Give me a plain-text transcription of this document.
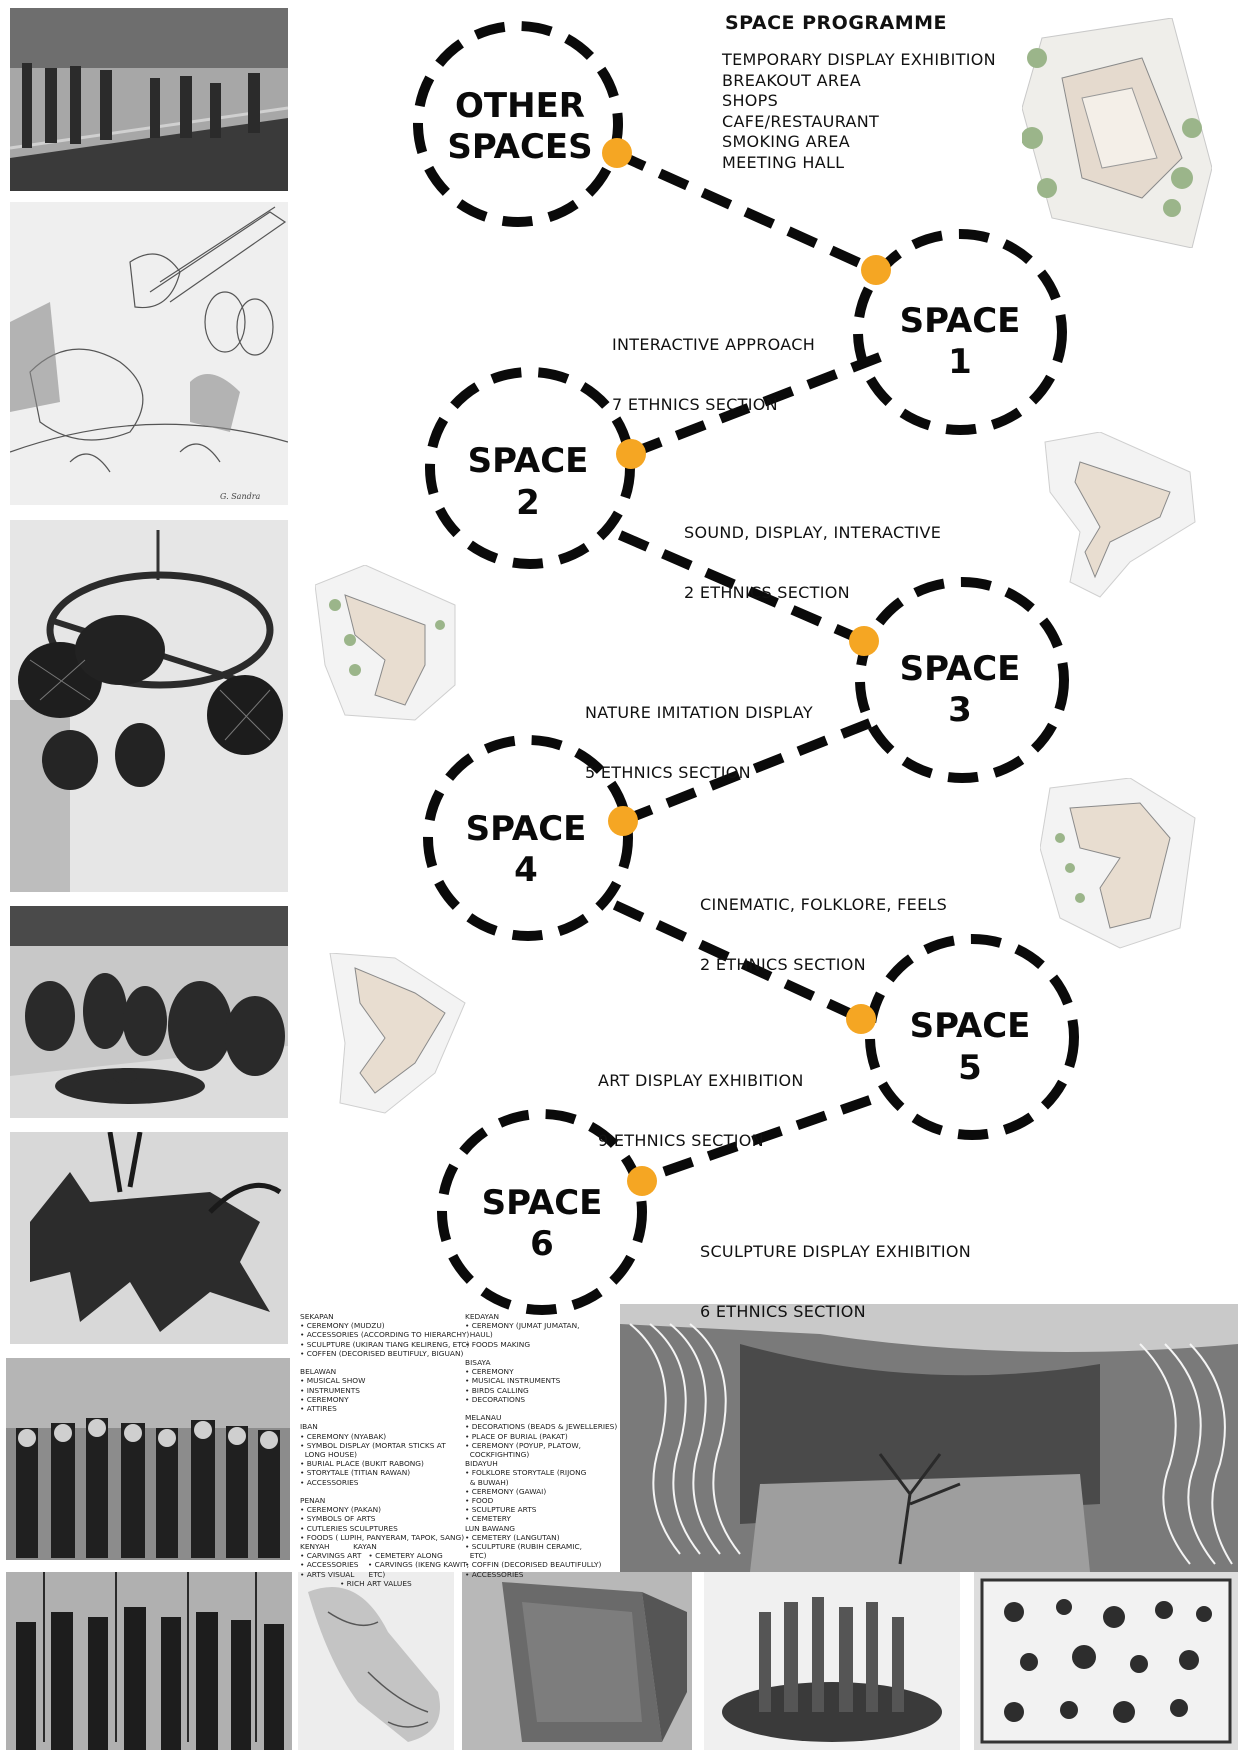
G. Sandra
SEKAPAN
• CEREMONY (MUDZU)
• ACCESSORIES (ACCORDING TO HIERARCHY)
• SCULPTURE (UKIRAN TIANG KELIRENG, ETC)
• COFFEN (DECORISED BEUTIFULY, BIGUAN)

BELAWAN
• MUSICAL SHOW
• INSTRUMENTS
• CEREMONY
• ATTIRES

IBAN
• CEREMONY (NYABAK)
• SYMBOL DISPLAY (MORTAR STICKS AT
LONG HOUSE)
• BURIAL PLACE (BUKIT RABONG)
• STORYTALE (TITIAN RAWAN)
• ACCESSORIES

PENAN
• CEREMONY (PAKAN)
• SYMBOLS OF ARTS
• CUTLERIES SCULPTURES
• FOODS ( LUPIH, PANYERAM, TAPOK, SANG)
KENYAH          KAYAN
• CARVINGS ART   • CEMETERY ALONG
• ACCESSORIES    • CARVINGS (IKENG KAWIT,
• ARTS VISUAL      ETC)
• RICH ART VALUES
KEDAYAN
• CEREMONY (JUMAT JUMATAN,
HAUL)
• FOODS MAKING

BISAYA
• CEREMONY
• MUSICAL INSTRUMENTS
• BIRDS CALLING
• DECORATIONS

MELANAU
• DECORATIONS (BEADS & JEWELLERIES)
• PLACE OF BURIAL (PAKAT)
• CEREMONY (POYUP, PLATOW,
COCKFIGHTING)
BIDAYUH
• FOLKLORE STORYTALE (RIJONG
& BUWAH)
• CEREMONY (GAWAI)
• FOOD
• SCULPTURE ARTS
• CEMETERY
LUN BAWANG
• CEMETERY (LANGUTAN)
• SCULPTURE (RUBIH CERAMIC,
ETC)
• COFFIN (DECORISED BEAUTIFULLY)
• ACCESSORIES
SPACE PROGRAMME
TEMPORARY DISPLAY EXHIBITION
BREAKOUT AREA
SHOPS
CAFE/RESTAURANT
SMOKING AREA
MEETING HALL
OTHER
SPACES
SPACE
1
SPACE
2
SPACE
3
SPACE
4
SPACE
5
SPACE
6

INTERACTIVE APPROACH

7 ETHNICS SECTION

SOUND, DISPLAY, INTERACTIVE

2 ETHNICS SECTION

NATURE IMITATION DISPLAY

5 ETHNICS SECTION

CINEMATIC, FOLKLORE, FEELS

2 ETHNICS SECTION

ART DISPLAY EXHIBITION

9 ETHNICS SECTION

SCULPTURE DISPLAY EXHIBITION

6 ETHNICS SECTION
